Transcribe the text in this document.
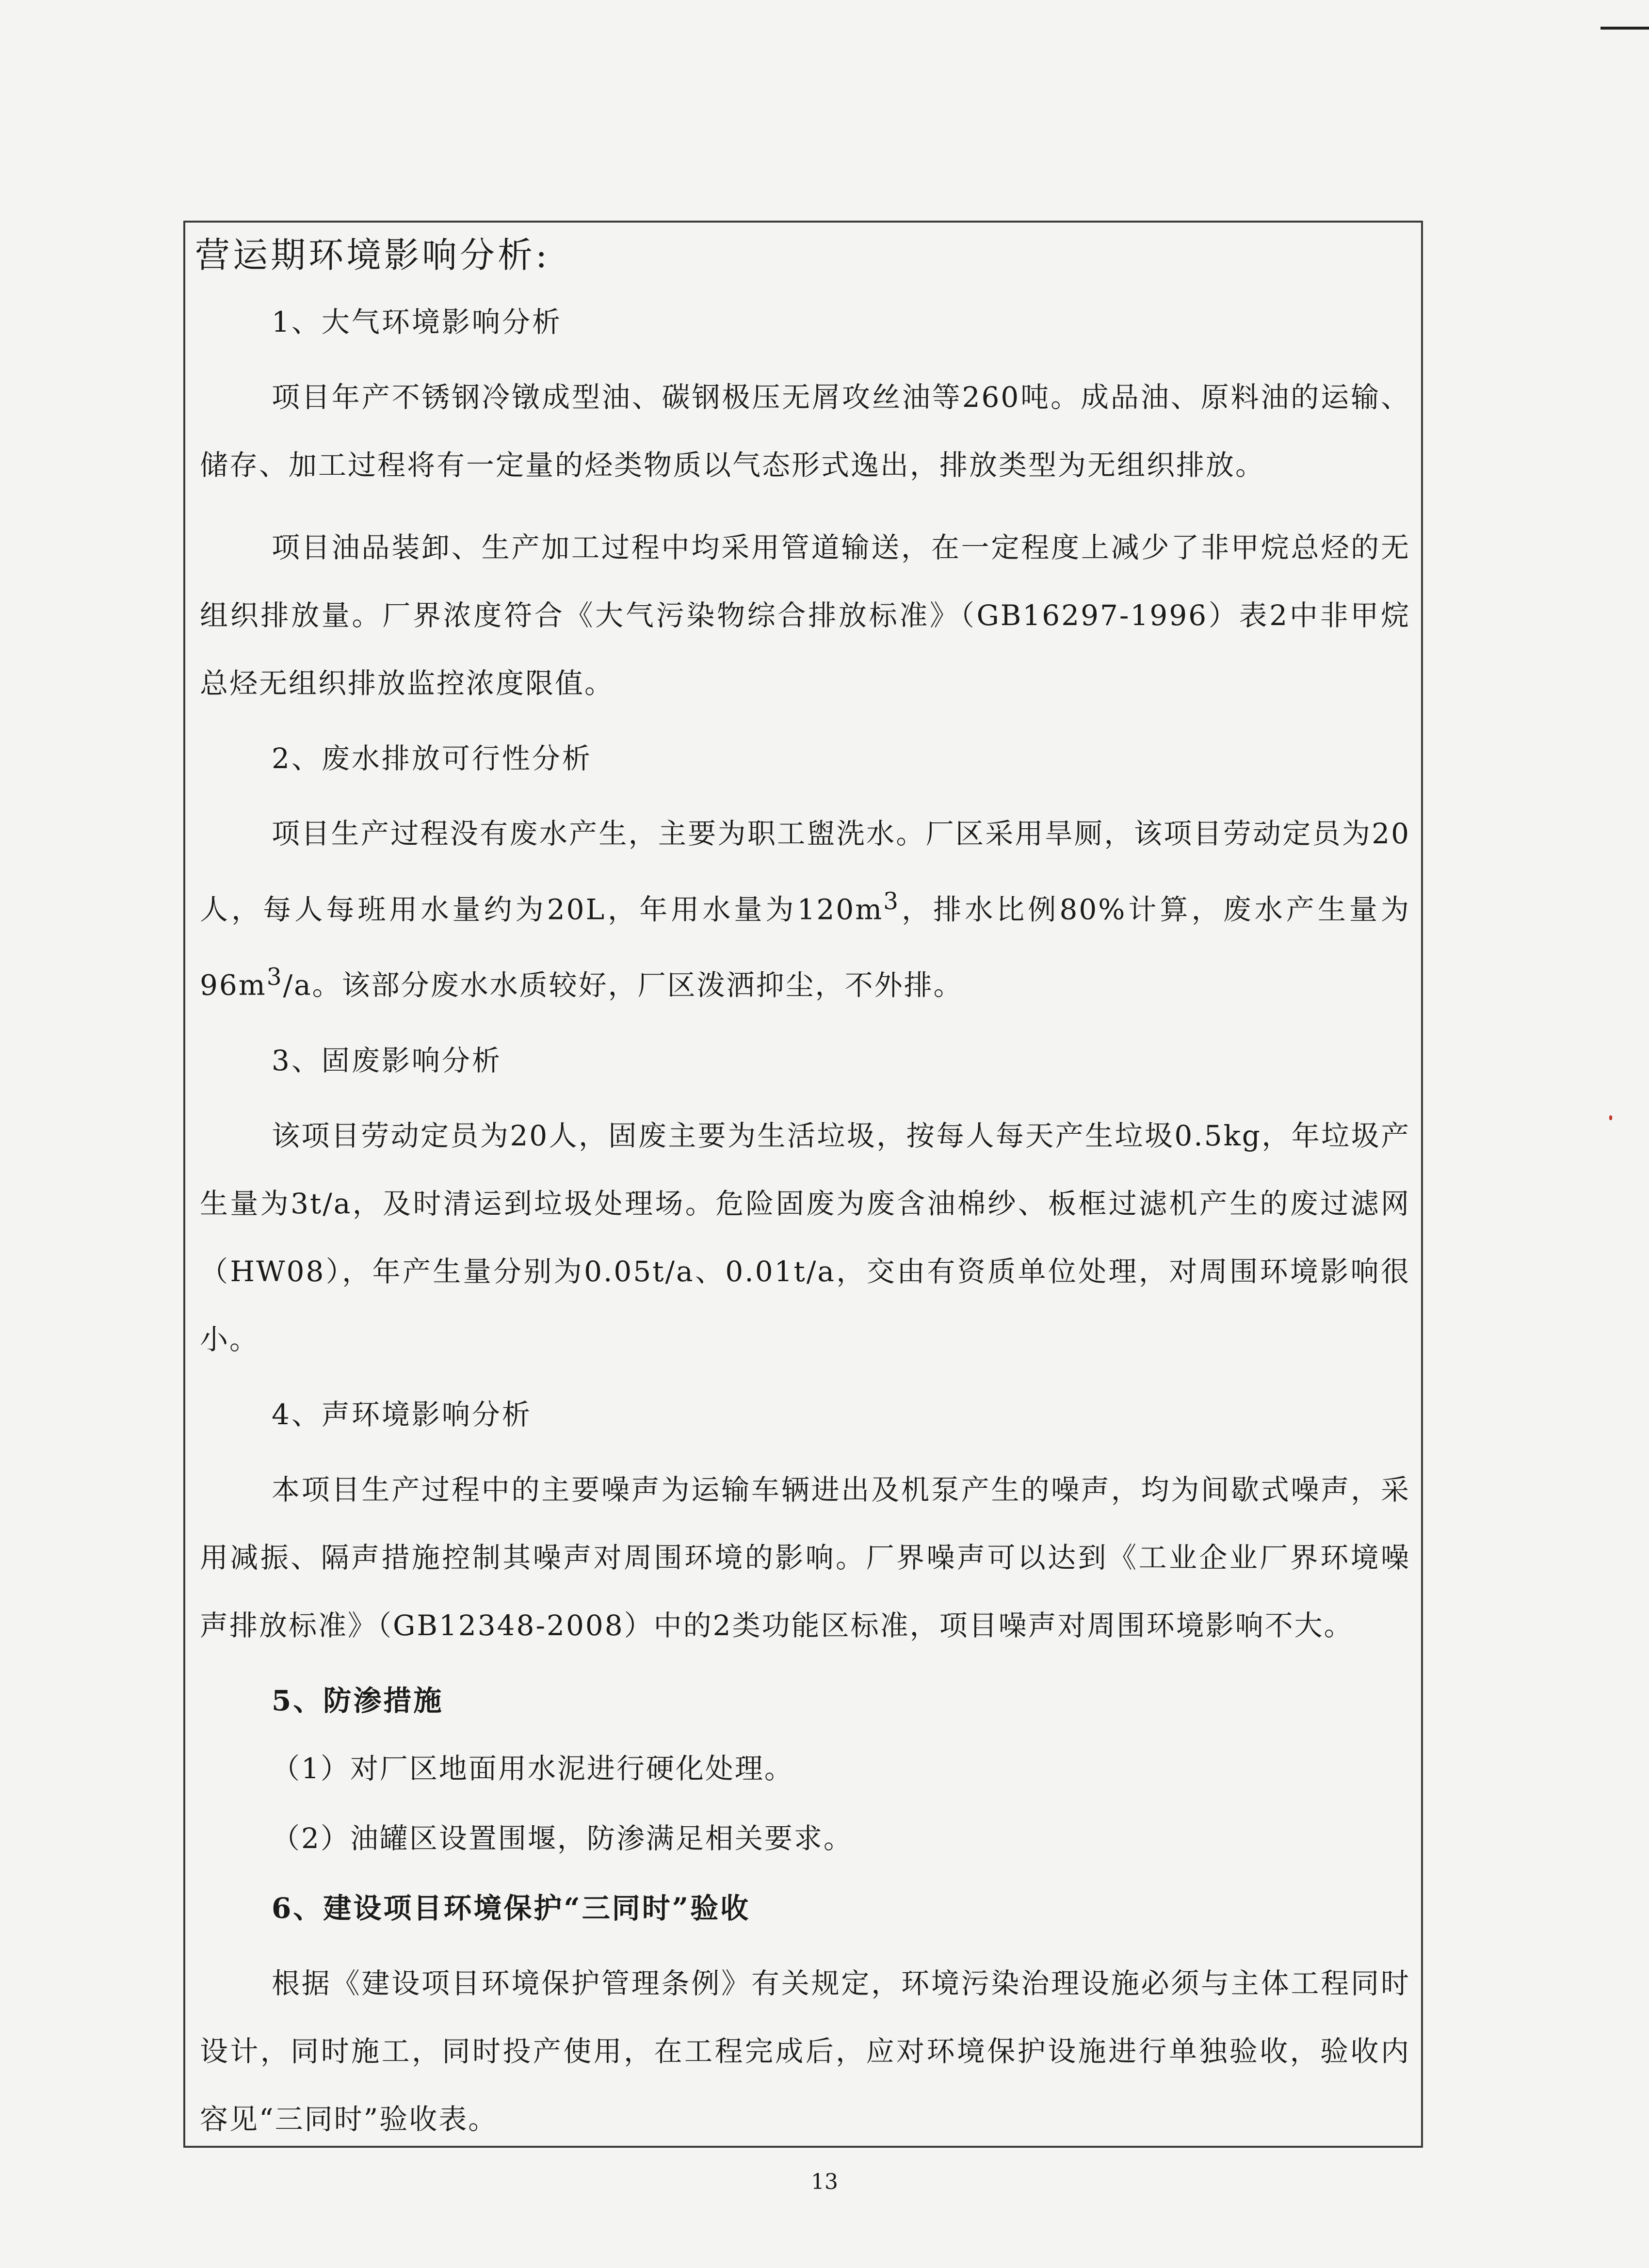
营运期环境影响分析:
1、大气环境影响分析

项目年产不锈钢冷镦成型油、碳钢极压无屑攻丝油等260吨。成品油、原料油的运输、储存、加工过程将有一定量的烃类物质以气态形式逸出，排放类型为无组织排放。

项目油品装卸、生产加工过程中均采用管道输送，在一定程度上减少了非甲烷总烃的无组织排放量。厂界浓度符合《大气污染物综合排放标准》（GB16297-1996）表2中非甲烷总烃无组织排放监控浓度限值。

2、废水排放可行性分析

项目生产过程没有废水产生，主要为职工盥洗水。厂区采用旱厕，该项目劳动定员为20人，每人每班用水量约为20L，年用水量为$120m^3$，排水比例80%计算，废水产生量为$96m^3/a$。该部分废水水质较好，厂区泼洒抑尘，不外排。

3、固废影响分析

该项目劳动定员为20人，固废主要为生活垃圾，按每人每天产生垃圾0.5kg，年垃圾产生量为3t/a，及时清运到垃圾处理场。危险固废为废含油棉纱、板框过滤机产生的废过滤网（HW08），年产生量分别为0.05t/a、0.01t/a，交由有资质单位处理，对周围环境影响很小。

4、声环境影响分析

本项目生产过程中的主要噪声为运输车辆进出及机泵产生的噪声，均为间歇式噪声，采用减振、隔声措施控制其噪声对周围环境的影响。厂界噪声可以达到《工业企业厂界环境噪声排放标准》（GB12348-2008）中的2类功能区标准，项目噪声对周围环境影响不大。

5、防渗措施
（1）对厂区地面用水泥进行硬化处理。
（2）油罐区设置围堰，防渗满足相关要求。
6、建设项目环境保护“三同时”验收

根据《建设项目环境保护管理条例》有关规定，环境污染治理设施必须与主体工程同时设计，同时施工，同时投产使用，在工程完成后，应对环境保护设施进行单独验收，验收内容见“三同时”验收表。

13
